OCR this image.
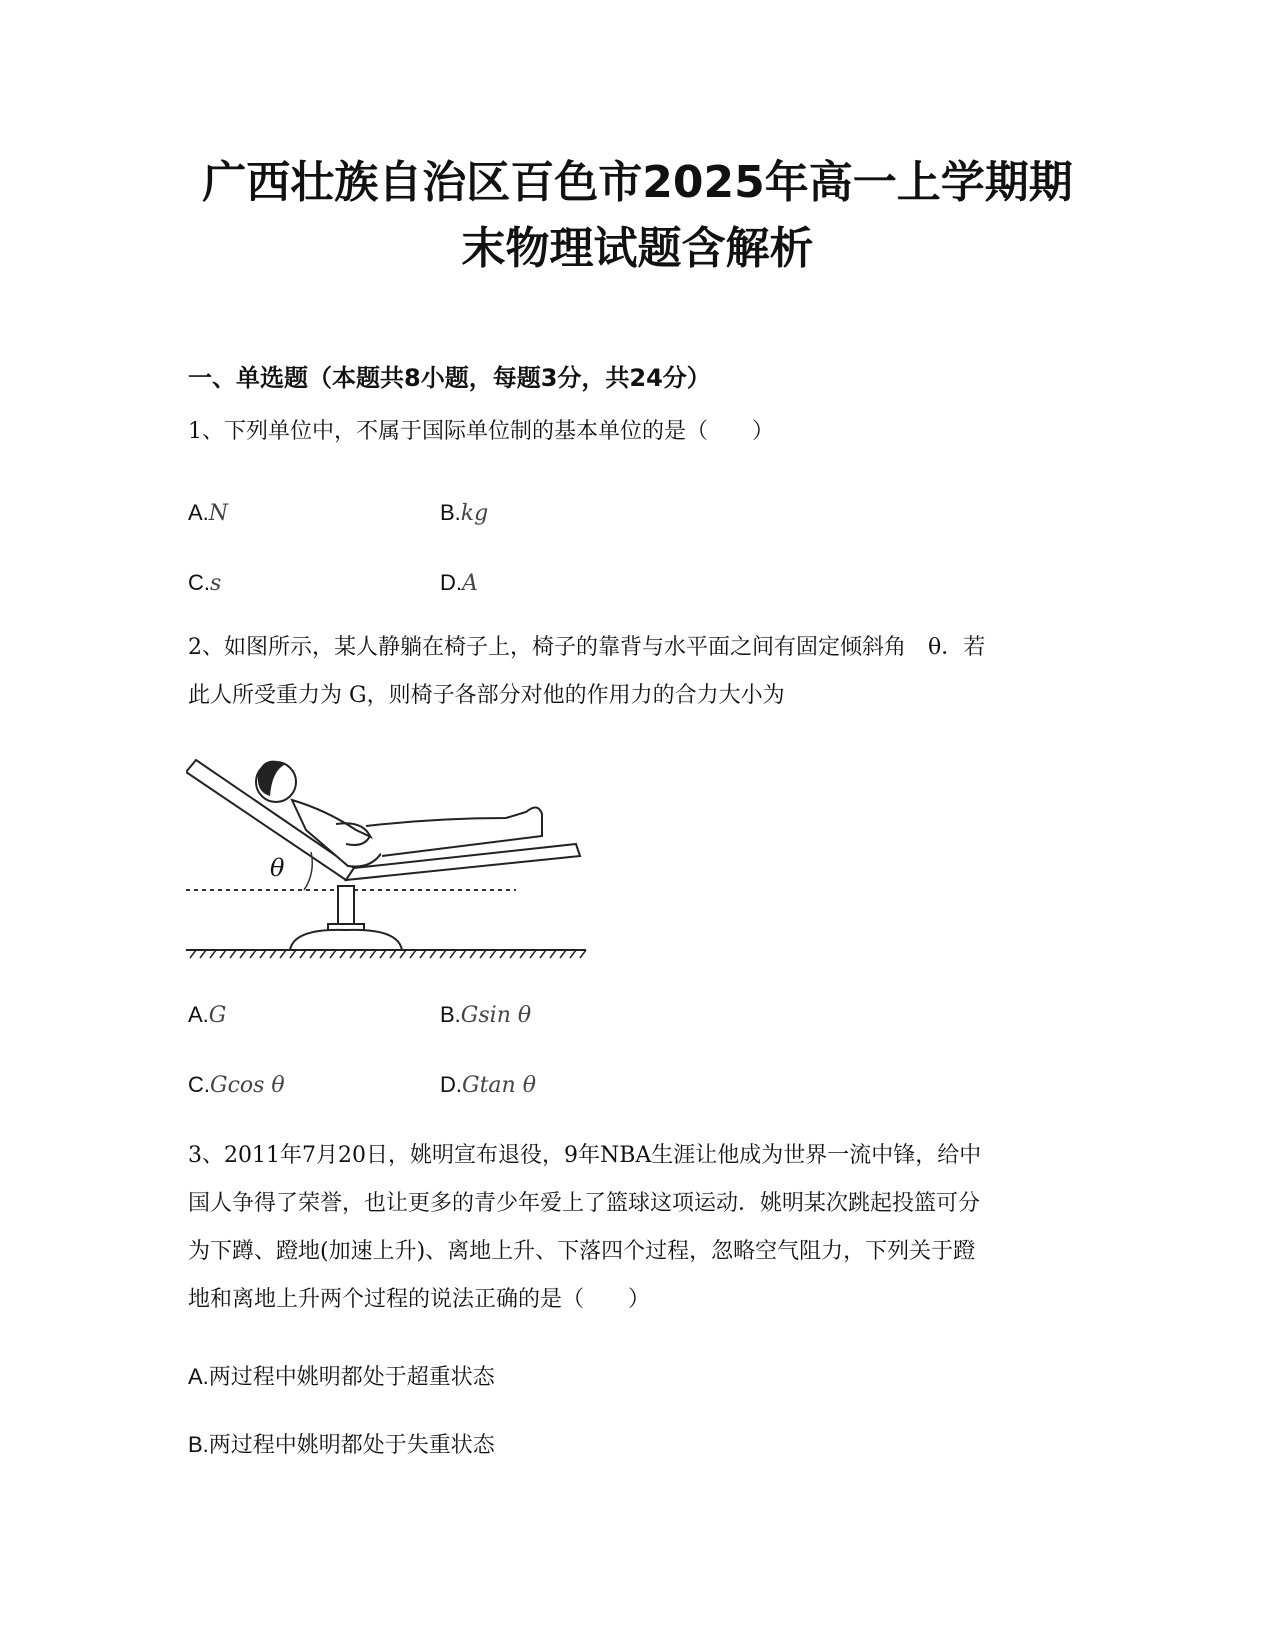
广西壮族自治区百色市2025年高一上学期期
末物理试题含解析

一、单选题（本题共8小题，每题3分，共24分）

1、下列单位中，不属于国际单位制的基本单位的是（　　）

A.N	B.kg

C.s	D.A

2、如图所示，某人静躺在椅子上，椅子的靠背与水平面之间有固定倾斜角　θ．若
此人所受重力为 G，则椅子各部分对他的作用力的合力大小为

θ

A.G	B.Gsin θ

C.Gcos θ	D.Gtan θ

3、2011年7月20日，姚明宣布退役，9年NBA生涯让他成为世界一流中锋，给中
国人争得了荣誉，也让更多的青少年爱上了篮球这项运动．姚明某次跳起投篮可分
为下蹲、蹬地(加速上升)、离地上升、下落四个过程，忽略空气阻力，下列关于蹬
地和离地上升两个过程的说法正确的是（　　）

A.两过程中姚明都处于超重状态

B.两过程中姚明都处于失重状态
